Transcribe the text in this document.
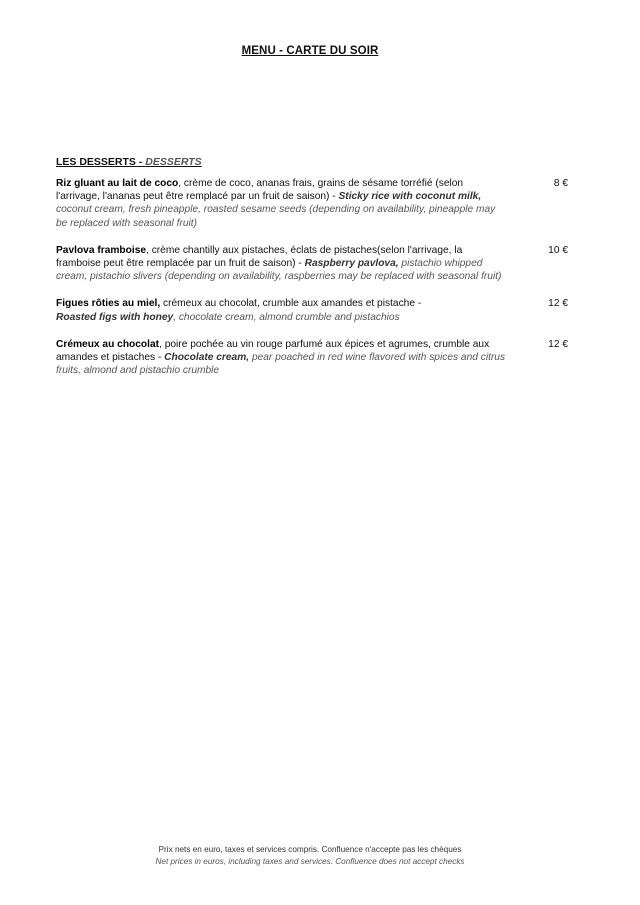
MENU - CARTE DU SOIR
LES DESSERTS - DESSERTS
Riz gluant au lait de coco, crème de coco, ananas frais, grains de sésame torréfié (selon l'arrivage, l'ananas peut être remplacé par un fruit de saison) - Sticky rice with coconut milk, coconut cream, fresh pineapple, roasted sesame seeds (depending on availability, pineapple may be replaced with seasonal fruit)
8 €
Pavlova framboise, crème chantilly aux pistaches, éclats de pistaches(selon l'arrivage, la framboise peut être remplacée par un fruit de saison) - Raspberry pavlova, pistachio whipped cream, pistachio slivers (depending on availability, raspberries may be replaced with seasonal fruit)
10 €
Figues rôties au miel, crémeux au chocolat, crumble aux amandes et pistache - Roasted figs with honey, chocolate cream, almond crumble and pistachios
12 €
Crémeux au chocolat, poire pochée au vin rouge parfumé aux épices et agrumes, crumble aux amandes et pistaches - Chocolate cream, pear poached in red wine flavored with spices and citrus fruits, almond and pistachio crumble
12 €
Prix nets en euro, taxes et services compris. Confluence n'accepte pas les chèques
Net prices in euros, including taxes and services. Confluence does not accept checks
